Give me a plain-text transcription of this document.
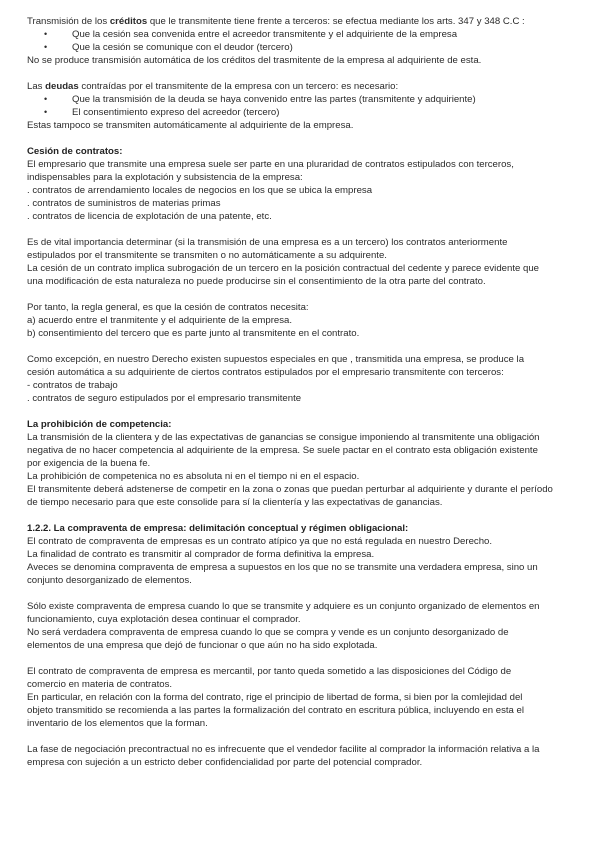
Transmisión de los créditos que le transmitente tiene frente a terceros: se efectua mediante los arts. 347 y 348 C.C :

• Que la cesión sea convenida entre el acreedor transmitente y el adquiriente de la empresa
• Que la cesión se comunique con el deudor (tercero)

No se produce transmisión automática de los créditos del trasmitente de la empresa al adquiriente de esta.

Las deudas contraídas por el transmitente de la empresa con un tercero: es necesario:

• Que la transmisión de la deuda se haya convenido entre las partes (transmitente y adquiriente)
• El consentimiento expreso del acreedor (tercero)

Estas tampoco se transmiten automáticamente al adquiriente de la empresa.

Cesión de contratos:

El empresario que transmite una empresa suele ser parte en una pluraridad de contratos estipulados con terceros,

indispensables para la explotación y subsistencia de la empresa:

. contratos de arrendamiento locales de negocios en los que se ubica la empresa
. contratos de suministros de materias primas
. contratos de licencia de explotación de una patente, etc.

Es de vital importancia determinar (si la transmisión de una empresa es a un tercero) los contratos anteriormente

estipulados por el transmitente se transmiten o no automáticamente a su adquirente.

La cesión de un contrato implica subrogación de un tercero en la posición contractual del cedente y parece evidente que

una modificación de esta naturaleza no puede producirse sin el consentimiento de la otra parte del contrato.

Por tanto, la regla general, es que la cesión de contratos necesita:

a) acuerdo entre el tranmitente y el adquiriente de la empresa.

b) consentimiento del tercero que es parte junto al transmitente en el contrato.

Como excepción, en nuestro Derecho existen supuestos especiales en que , transmitida una empresa, se produce la

cesión automática a su adquiriente de ciertos contratos estipulados por el empresario transmitente con terceros:

- contratos de trabajo

. contratos de seguro estipulados por el empresario transmitente

La prohibición de competencia:

La transmisión de la clientera y de las expectativas de ganancias se consigue imponiendo al transmitente una obligación

negativa de no hacer competencia al adquiriente de la empresa. Se suele pactar en el contrato esta obligación existente

por exigencia de la buena fe.

La prohibición de competenica no es absoluta ni en el tiempo ni en el espacio.

El transmitente deberá adstenerse de competir en la zona o zonas que puedan perturbar al adquiriente y durante el período

de tiempo necesario para que este consolide para sí la clientería y las expectativas de ganancias.

1.2.2. La compraventa de empresa: delimitación conceptual y régimen obligacional:

El contrato de compraventa de empresas es un contrato atípico ya que no está regulada en nuestro Derecho.

La finalidad de contrato es transmitir al comprador de forma definitiva la empresa.

Aveces se denomina compraventa de empresa a supuestos en los que no se transmite una verdadera empresa, sino un

conjunto desorganizado de elementos.

Sólo existe compraventa de empresa cuando lo que se transmite y adquiere es un conjunto organizado de elementos en

funcionamiento, cuya explotación desea continuar el comprador.

No será verdadera compraventa de empresa cuando lo que se compra y vende es un conjunto desorganizado de

elementos de una empresa que dejó de funcionar o que aún no ha sido explotada.

El contrato de compraventa de empresa es mercantil, por tanto queda sometido a las disposiciones del Código de

comercio en materia de contratos.

En particular, en relación con la forma del contrato, rige el principio de libertad de forma, si bien por la comlejidad del

objeto transmitido se recomienda a las partes la formalización del contrato en escritura pública, incluyendo en esta el

inventario de los elementos que la forman.

La fase de negociación precontractual no es infrecuente que el vendedor facilite al comprador la información relativa a la

empresa con sujeción a un estricto deber confidencialidad por parte del potencial comprador.
